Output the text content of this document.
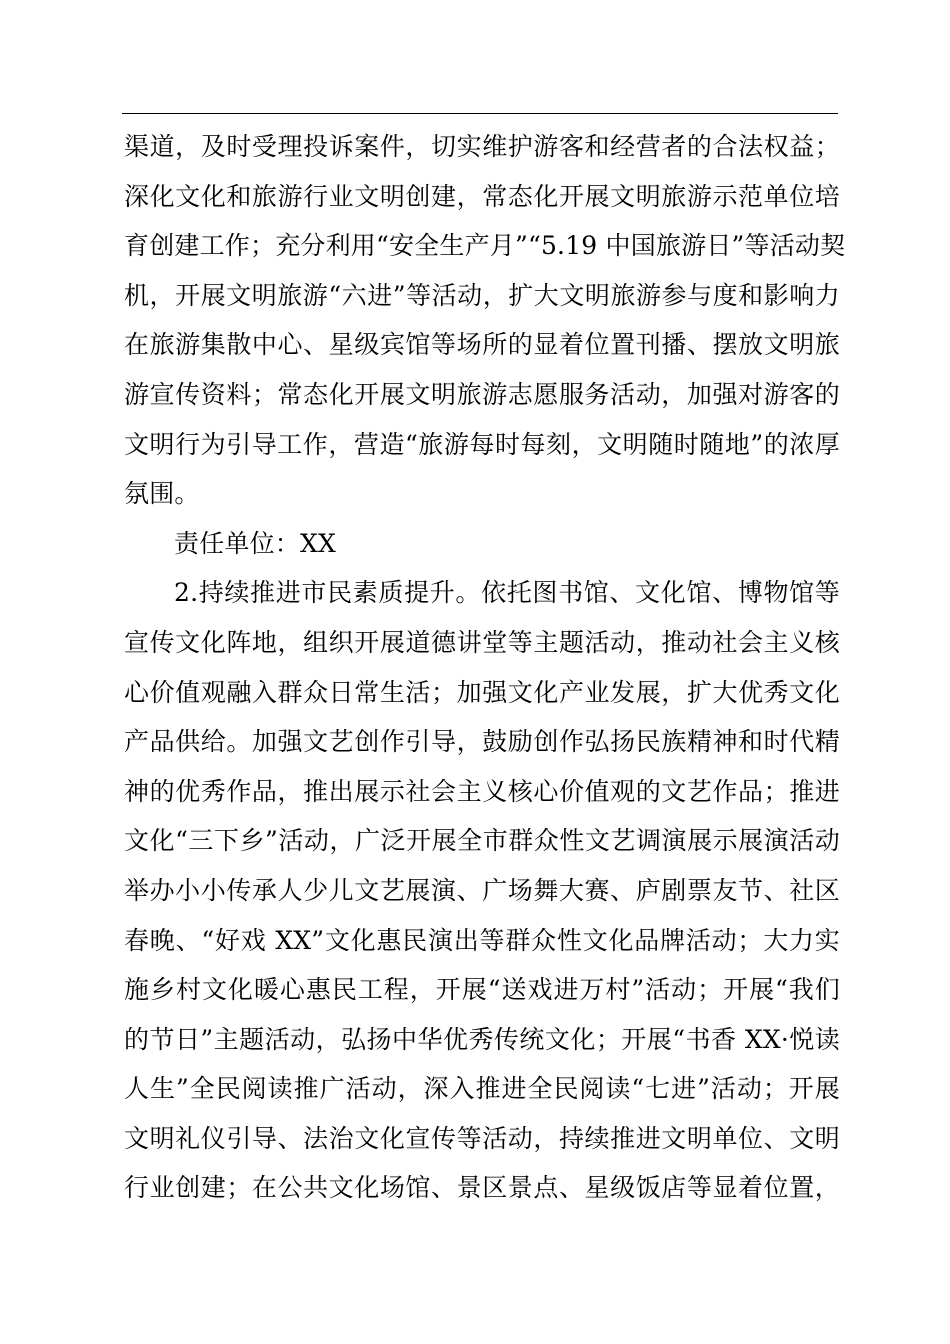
渠道，及时受理投诉案件，切实维护游客和经营者的合法权益；
深化文化和旅游行业文明创建，常态化开展文明旅游示范单位培
育创建工作；充分利用“安全生产月”“5.19 中国旅游日”等活动契
机，开展文明旅游“六进”等活动，扩大文明旅游参与度和影响力
在旅游集散中心、星级宾馆等场所的显着位置刊播、摆放文明旅
游宣传资料；常态化开展文明旅游志愿服务活动，加强对游客的
文明行为引导工作，营造“旅游每时每刻，文明随时随地”的浓厚
氛围。
责任单位：XX
2.持续推进市民素质提升。依托图书馆、文化馆、博物馆等
宣传文化阵地，组织开展道德讲堂等主题活动，推动社会主义核
心价值观融入群众日常生活；加强文化产业发展，扩大优秀文化
产品供给。加强文艺创作引导，鼓励创作弘扬民族精神和时代精
神的优秀作品，推出展示社会主义核心价值观的文艺作品；推进
文化“三下乡”活动，广泛开展全市群众性文艺调演展示展演活动
举办小小传承人少儿文艺展演、广场舞大赛、庐剧票友节、社区
春晚、“好戏 XX”文化惠民演出等群众性文化品牌活动；大力实
施乡村文化暖心惠民工程，开展“送戏进万村”活动；开展“我们
的节日”主题活动，弘扬中华优秀传统文化；开展“书香 XX·悦读
人生”全民阅读推广活动，深入推进全民阅读“七进”活动；开展
文明礼仪引导、法治文化宣传等活动，持续推进文明单位、文明
行业创建；在公共文化场馆、景区景点、星级饭店等显着位置，
